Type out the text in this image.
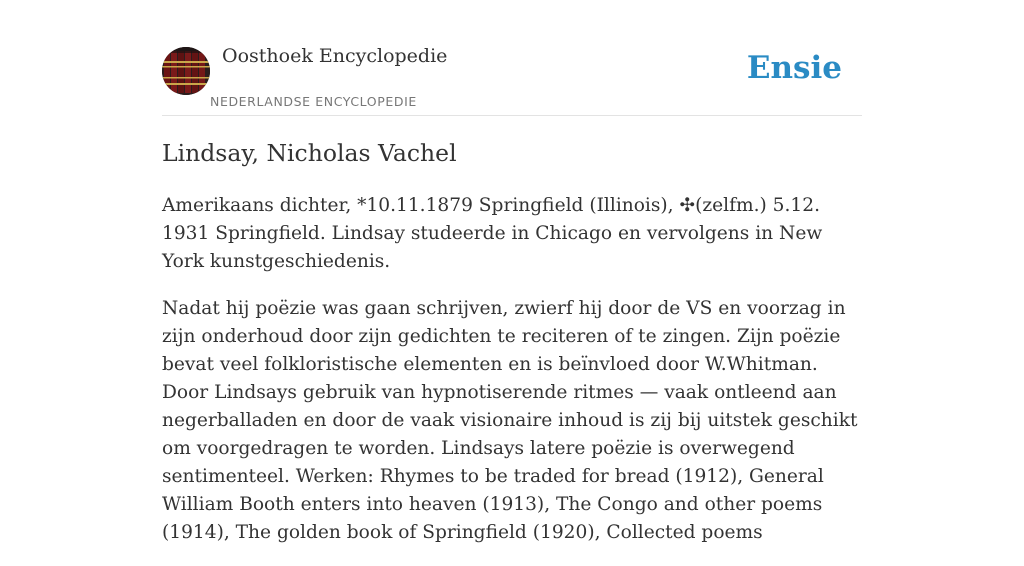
Oosthoek Encyclopedie
NEDERLANDSE ENCYCLOPEDIE
Ensie
Lindsay, Nicholas Vachel

Amerikaans dichter, *10.11.1879 Springfield (Illinois), ✣(zelfm.) 5.12. 1931 Springfield. Lindsay studeerde in Chicago en vervolgens in New York kunstgeschiedenis.

Nadat hij poëzie was gaan schrijven, zwierf hij door de VS en voorzag in zijn onderhoud door zijn gedichten te reciteren of te zingen. Zijn poëzie bevat veel folkloristische elementen en is beïnvloed door W.Whitman. Door Lindsays gebruik van hypnotiserende ritmes — vaak ontleend aan negerballaden en door de vaak visionaire inhoud is zij bij uitstek geschikt om voorgedragen te worden. Lindsays latere poëzie is overwegend sentimenteel. Werken: Rhymes to be traded for bread (1912), General William Booth enters into heaven (1913), The Congo and other poems (1914), The golden book of Springfield (1920), Collected poems
